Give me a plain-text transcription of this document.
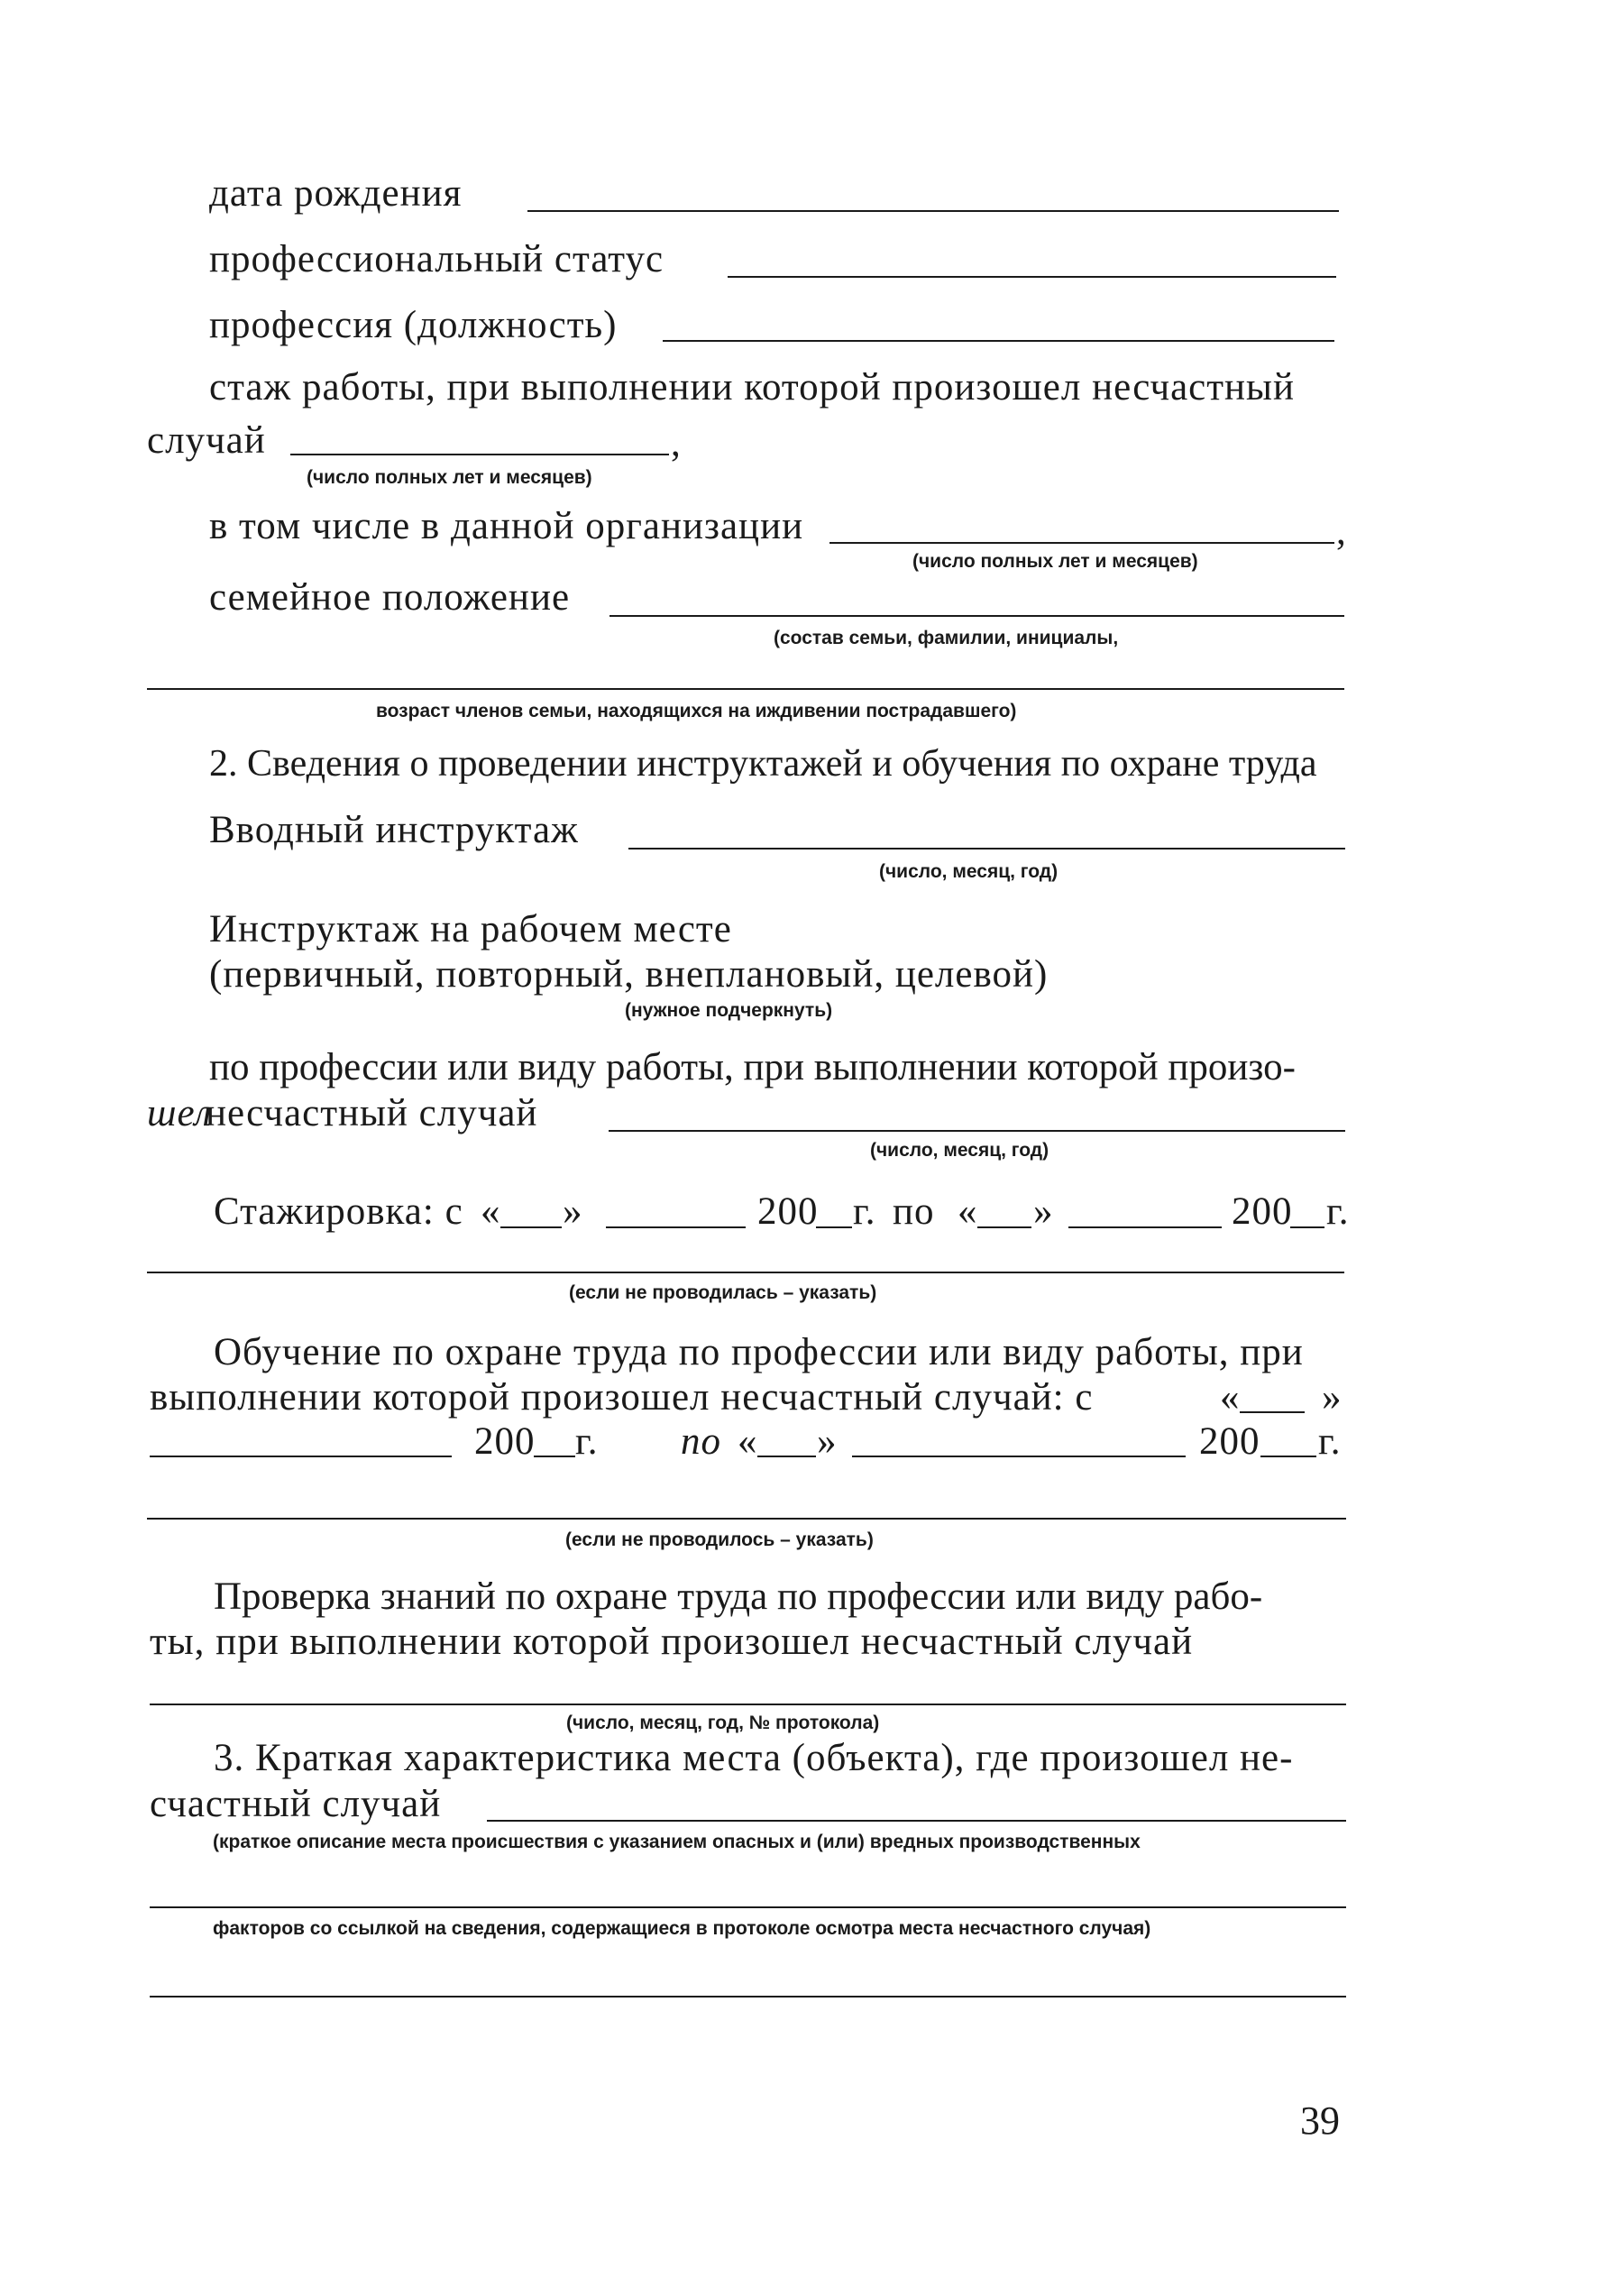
дата рождения
профессиональный статус
профессия (должность)
стаж работы, при выполнении которой произошел несчастный
случай	,
(число полных лет и месяцев)
в том числе в данной организации	,
(число полных лет и месяцев)
семейное положение
(состав семьи, фамилии, инициалы,
возраст членов семьи, находящихся на иждивении пострадавшего)
2. Сведения о проведении инструктажей и обучения по охране труда
Вводный инструктаж
(число, месяц, год)
Инструктаж на рабочем месте
(первичный, повторный, внеплановый, целевой)
(нужное подчеркнуть)
по профессии или виду работы, при выполнении которой произо-
шел
несчастный случай
(число, месяц, год)
Стажировка: с « »	200 г. по « »	200 г.
(если не проводилась – указать)
Обучение по охране труда по профессии или виду работы, при
выполнении которой произошел несчастный случай: с	« »
200 г. по « »	200 г.
(если не проводилось – указать)
Проверка знаний по охране труда по профессии или виду рабо-
ты, при выполнении которой произошел несчастный случай
(число, месяц, год, № протокола)
3. Краткая характеристика места (объекта), где произошел не-
счастный случай
(краткое описание места происшествия с указанием опасных и (или) вредных производственных
факторов со ссылкой на сведения, содержащиеся в протоколе осмотра места несчастного случая)
39
